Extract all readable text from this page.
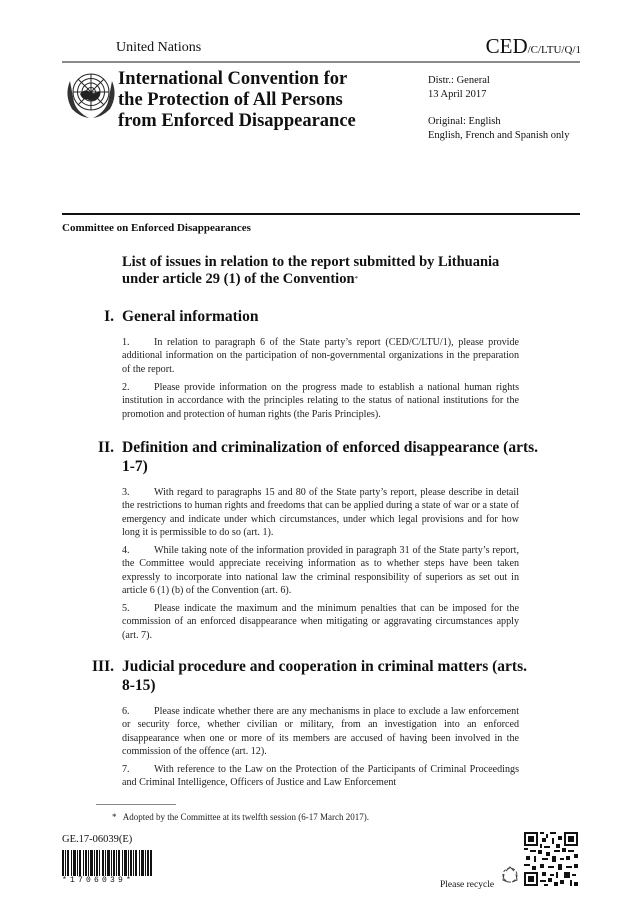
United Nations	CED/C/LTU/Q/1
International Convention for
the Protection of All Persons
from Enforced Disappearance
Distr.: General
13 April 2017
Original: English
English, French and Spanish only
Committee on Enforced Disappearances
List of issues in relation to the report submitted by Lithuania
under article 29 (1) of the Convention*
I. General information
1. In relation to paragraph 6 of the State party’s report (CED/C/LTU/1), please provide additional information on the participation of non-governmental organizations in the preparation of the report.
2. Please provide information on the progress made to establish a national human rights institution in accordance with the principles relating to the status of national institutions for the promotion and protection of human rights (the Paris Principles).
II. Definition and criminalization of enforced disappearance (arts. 1-7)
3. With regard to paragraphs 15 and 80 of the State party’s report, please describe in detail the restrictions to human rights and freedoms that can be applied during a state of war or a state of emergency and indicate under which circumstances, under which legal provisions and for how long it is permissible to do so (art. 1).
4. While taking note of the information provided in paragraph 31 of the State party’s report, the Committee would appreciate receiving information as to whether steps have been taken expressly to incorporate into national law the criminal responsibility of superiors as set out in article 6 (1) (b) of the Convention (art. 6).
5. Please indicate the maximum and the minimum penalties that can be imposed for the commission of an enforced disappearance when mitigating or aggravating circumstances apply (art. 7).
III. Judicial procedure and cooperation in criminal matters (arts. 8-15)
6. Please indicate whether there are any mechanisms in place to exclude a law enforcement or security force, whether civilian or military, from an investigation into an enforced disappearance when one or more of its members are accused of having been involved in the commission of the offence (art. 12).
7. With reference to the Law on the Protection of the Participants of Criminal Proceedings and Criminal Intelligence, Officers of Justice and Law Enforcement
*   Adopted by the Committee at its twelfth session (6-17 March 2017).
GE.17-06039(E)
*1706039*	Please recycle
